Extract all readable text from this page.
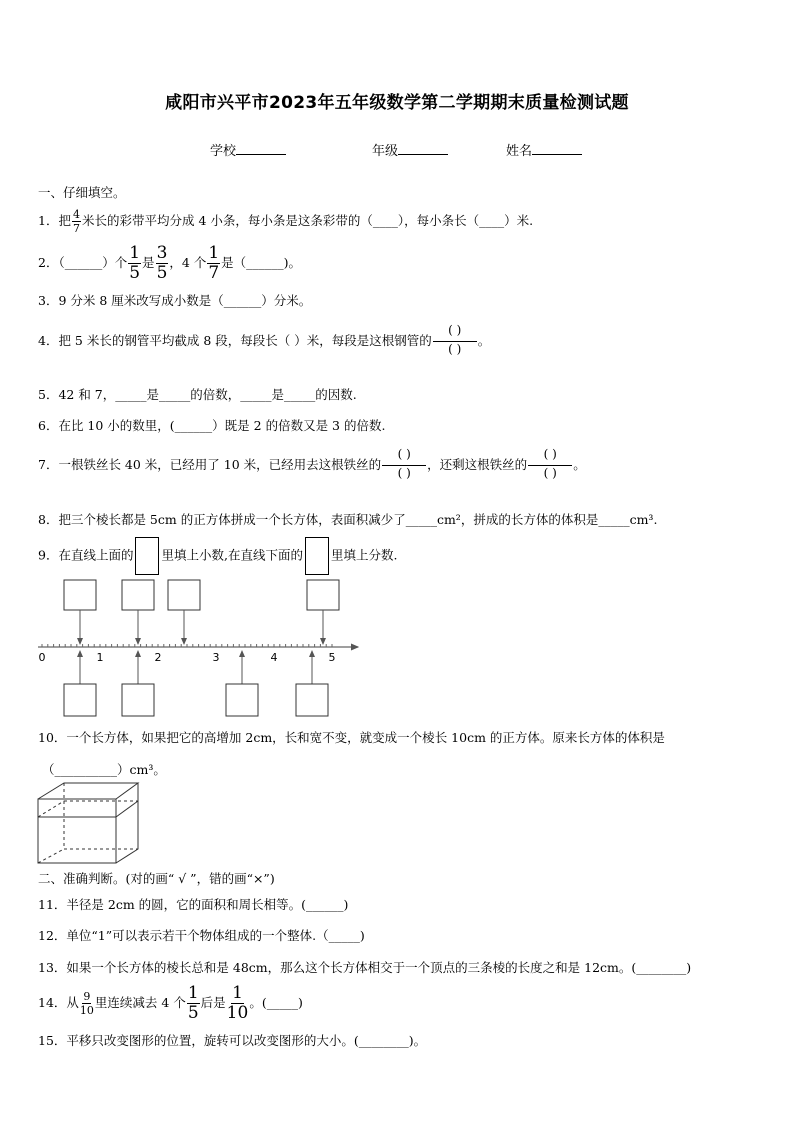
咸阳市兴平市2023年五年级数学第二学期期末质量检测试题
学校	年级	姓名
一、仔细填空。
1．把 $\frac{4}{7}$ 米长的彩带平均分成 4 小条，每小条是这条彩带的（____），每小条长（____）米.
2．（______）个 $\frac{1}{5}$ 是 $\frac{3}{5}$ ，4 个 $\frac{1}{7}$ 是（______)。
3．9 分米 8 厘米改写成小数是（______）分米。
4．把 5 米长的钢管平均截成 8 段，每段长（ ）米，每段是这根钢管的 $\frac{( )}{( )}$ 。
5．42 和 7，_____是_____的倍数，_____是_____的因数.
6．在比 10 小的数里，(______）既是 2 的倍数又是 3 的倍数.
7．一根铁丝长 40 米，已经用了 10 米，已经用去这根铁丝的 $\frac{( )}{( )}$ ，还剩这根铁丝的 $\frac{( )}{( )}$ 。
8．把三个棱长都是 5cm 的正方体拼成一个长方体，表面积减少了_____cm²，拼成的长方体的体积是_____cm³.
9．在直线上面的 里填上小数,在直线下面的 里填上分数.
0	1	2	3	4	5
10．一个长方体，如果把它的高增加 2cm，长和宽不变，就变成一个棱长 10cm 的正方体。原来长方体的体积是
（__________）cm³。
二、准确判断。(对的画“ √ ”，错的画“×”)
11．半径是 2cm 的圆，它的面积和周长相等。(______)
12．单位“1”可以表示若干个物体组成的一个整体.（_____)
13．如果一个长方体的棱长总和是 48cm，那么这个长方体相交于一个顶点的三条棱的长度之和是 12cm。(________)
14．从 $\frac{9}{10}$ 里连续减去 4 个 $\frac{1}{5}$ 后是 $\frac{1}{10}$ 。(_____)
15．平移只改变图形的位置，旋转可以改变图形的大小。(________)。
